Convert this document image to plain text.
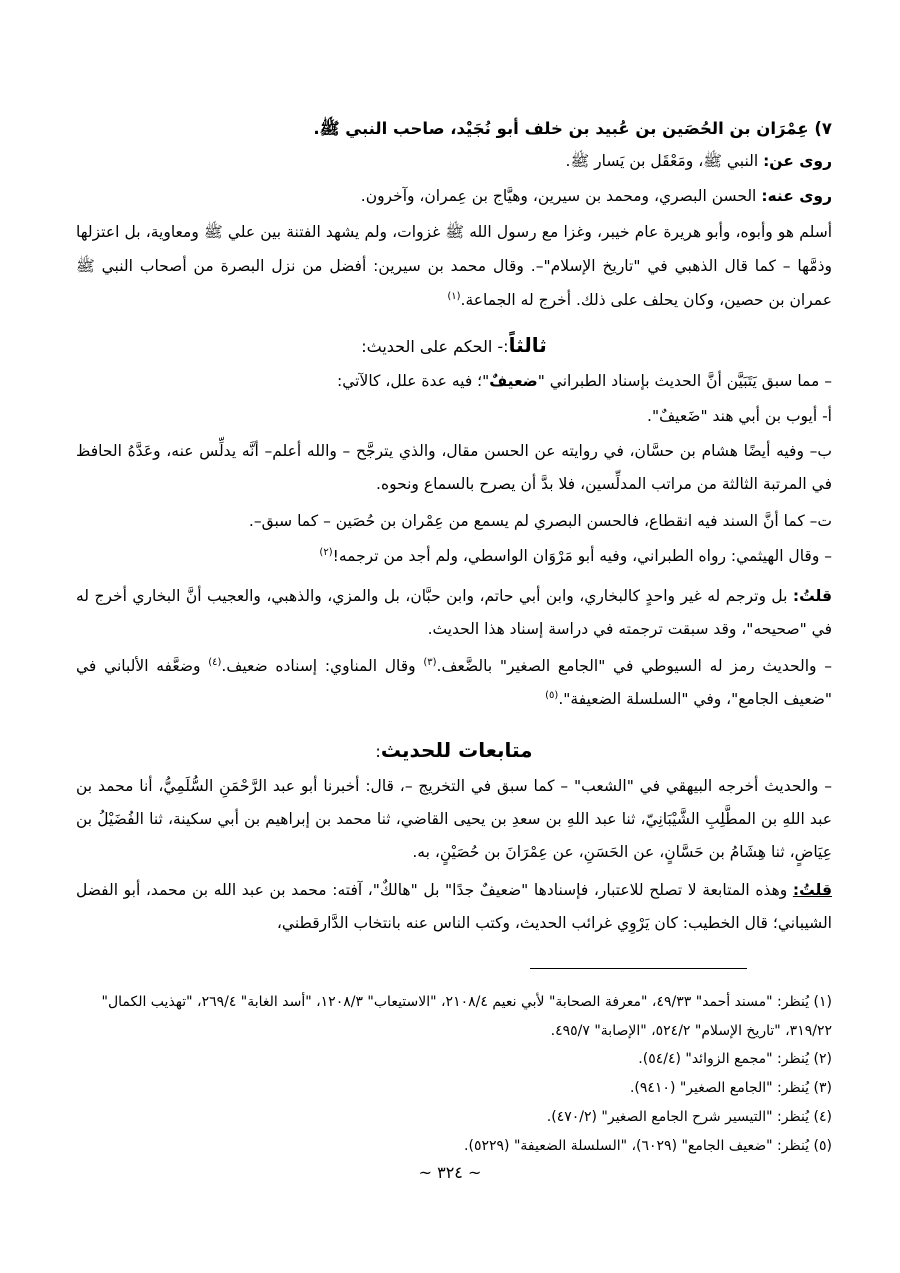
٧) عِمْرَان بن الحُصَين بن عُبيد بن خلف أبو نُجَيْد، صاحب النبي ﷺ.
روى عن: النبي ﷺ، ومَعْقَل بن يَسار ﷺ.
روى عنه: الحسن البصري، ومحمد بن سيرين، وهيَّاج بن عِمران، وآخرون.
أسلم هو وأبوه، وأبو هريرة عام خيبر، وغزا مع رسول الله ﷺ غزوات، ولم يشهد الفتنة بين علي ﷺ ومعاوية، بل اعتزلها وذمَّها – كما قال الذهبي في "تاريخ الإسلام"–. وقال محمد بن سيرين: أفضل من نزل البصرة من أصحاب النبي ﷺ عمران بن حصين، وكان يحلف على ذلك. أخرج له الجماعة.$^{(١)}$
ثالثاً:- الحكم على الحديث:
– مما سبق يَتَبَيَّن أنَّ الحديث بإسناد الطبراني "ضعيفٌ"؛ فيه عدة علل، كالآتي:
أ- أيوب بن أبي هند "ضَعيفٌ".
ب– وفيه أيضًا هشام بن حسَّان، في روايته عن الحسن مقال، والذي يترجَّح – والله أعلم– أنَّه يدلِّس عنه، وعَدَّهُ الحافظ في المرتبة الثالثة من مراتب المدلِّسين، فلا بدَّ أن يصرح بالسماع ونحوه.
ت– كما أنَّ السند فيه انقطاع، فالحسن البصري لم يسمع من عِمْران بن حُصَين – كما سبق–.
– وقال الهيثمي: رواه الطبراني، وفيه أبو مَرْوَان الواسطي، ولم أجد من ترجمه!$^{(٢)}$
قلتُ: بل وترجم له غير واحدٍ كالبخاري، وابن أبي حاتم، وابن حبَّان، بل والمزي، والذهبي، والعجيب أنَّ البخاري أخرج له في "صحيحه"، وقد سبقت ترجمته في دراسة إسناد هذا الحديث.
– والحديث رمز له السيوطي في "الجامع الصغير" بالضَّعف.$^{(٣)}$ وقال المناوي: إسناده ضعيف.$^{(٤)}$ وضعَّفه الألباني في "ضعيف الجامع"، وفي "السلسلة الضعيفة".$^{(٥)}$
متابعات للحديث:
– والحديث أخرجه البيهقي في "الشعب" – كما سبق في التخريج –، قال: أخبرنا أبو عبد الرَّحْمَنِ السُّلَمِيُّ، أنا محمد بن عبد اللهِ بن المطَّلِبِ الشَّيْبَانِيّ، ثنا عبد اللهِ بن سعدِ بن يحيى القاضي، ثنا محمد بن إبراهيم بن أبي سكينة، ثنا الفُضَيْلُ بن عِيَاضٍ، ثنا هِشَامُ بن حَسَّانٍ، عن الحَسَنِ، عن عِمْرَانَ بن حُصَيْنٍ، به.
قلتُ: وهذه المتابعة لا تصلح للاعتبار، فإسنادها "ضعيفٌ جدًا" بل "هالكٌ"، آفته: محمد بن عبد الله بن محمد، أبو الفضل الشيباني؛ قال الخطيب: كان يَرْوِي غرائب الحديث، وكتب الناس عنه بانتخاب الدَّارقطني،
(١) يُنظر: "مسند أحمد" ٤٩/٣٣، "معرفة الصحابة" لأبي نعيم ٢١٠٨/٤، "الاستيعاب" ١٢٠٨/٣، "أسد الغابة" ٢٦٩/٤، "تهذيب الكمال" ٣١٩/٢٢، "تاريخ الإسلام" ٥٢٤/٢، "الإصابة" ٤٩٥/٧.
(٢) يُنظر: "مجمع الزوائد" (٥٤/٤).
(٣) يُنظر: "الجامع الصغير" (٩٤١٠).
(٤) يُنظر: "التيسير شرح الجامع الصغير" (٤٧٠/٢).
(٥) يُنظر: "ضعيف الجامع" (٦٠٢٩)، "السلسلة الضعيفة" (٥٢٢٩).
~ ٣٢٤ ~
